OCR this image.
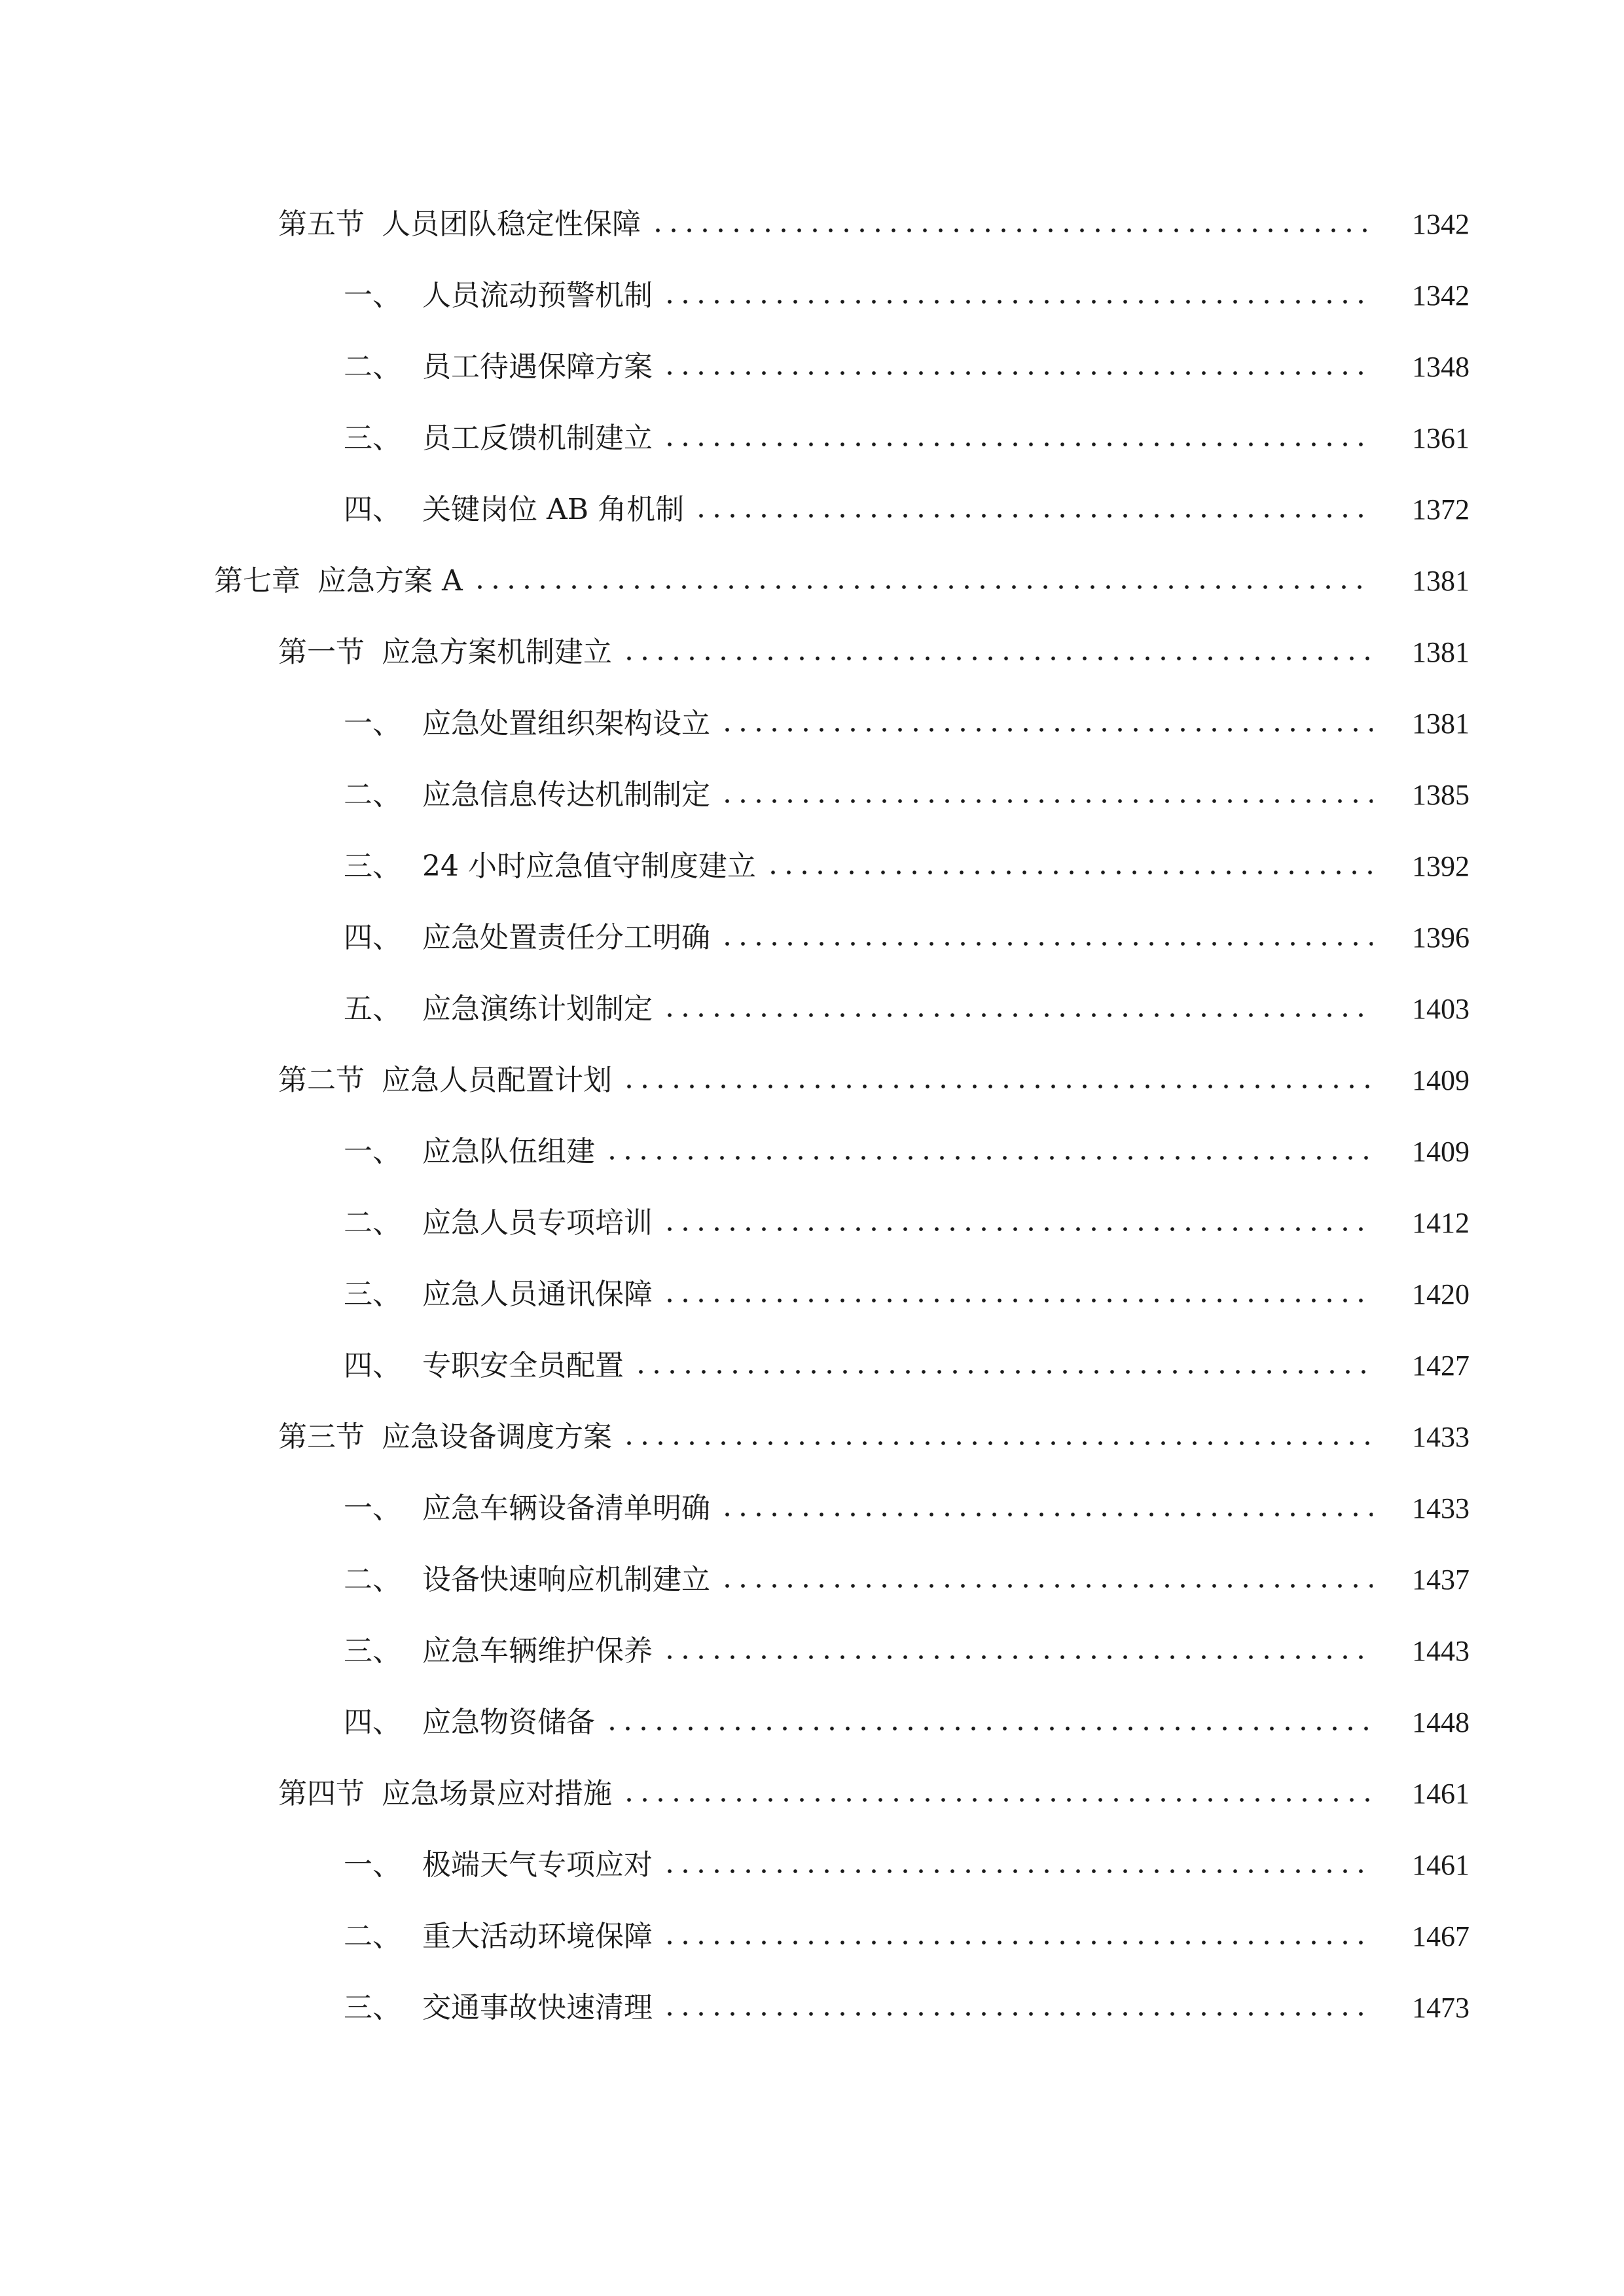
第五节 人员团队稳定性保障	1342
一、 人员流动预警机制	1342
二、 员工待遇保障方案	1348
三、 员工反馈机制建立	1361
四、 关键岗位 AB 角机制	1372
第七章 应急方案 A	1381
第一节 应急方案机制建立	1381
一、 应急处置组织架构设立	1381
二、 应急信息传达机制制定	1385
三、 24 小时应急值守制度建立	1392
四、 应急处置责任分工明确	1396
五、 应急演练计划制定	1403
第二节 应急人员配置计划	1409
一、 应急队伍组建	1409
二、 应急人员专项培训	1412
三、 应急人员通讯保障	1420
四、 专职安全员配置	1427
第三节 应急设备调度方案	1433
一、 应急车辆设备清单明确	1433
二、 设备快速响应机制建立	1437
三、 应急车辆维护保养	1443
四、 应急物资储备	1448
第四节 应急场景应对措施	1461
一、 极端天气专项应对	1461
二、 重大活动环境保障	1467
三、 交通事故快速清理	1473
